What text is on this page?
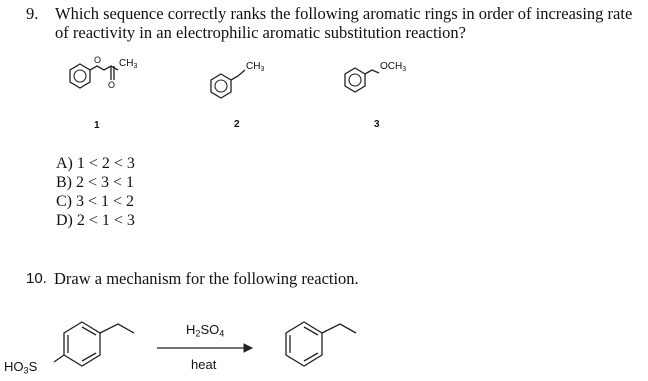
9. Which sequence correctly ranks the following aromatic rings in order of increasing rate
of reactivity in an electrophilic aromatic substitution reaction?
O
O
$CH_3$
1
$CH_3$
2
$OCH_3$
3
A) 1 < 2 < 3
B) 2 < 3 < 1
C) 3 < 1 < 2
D) 2 < 1 < 3
10. Draw a mechanism for the following reaction.
$HO_3S$
$H_2SO_4$
heat
